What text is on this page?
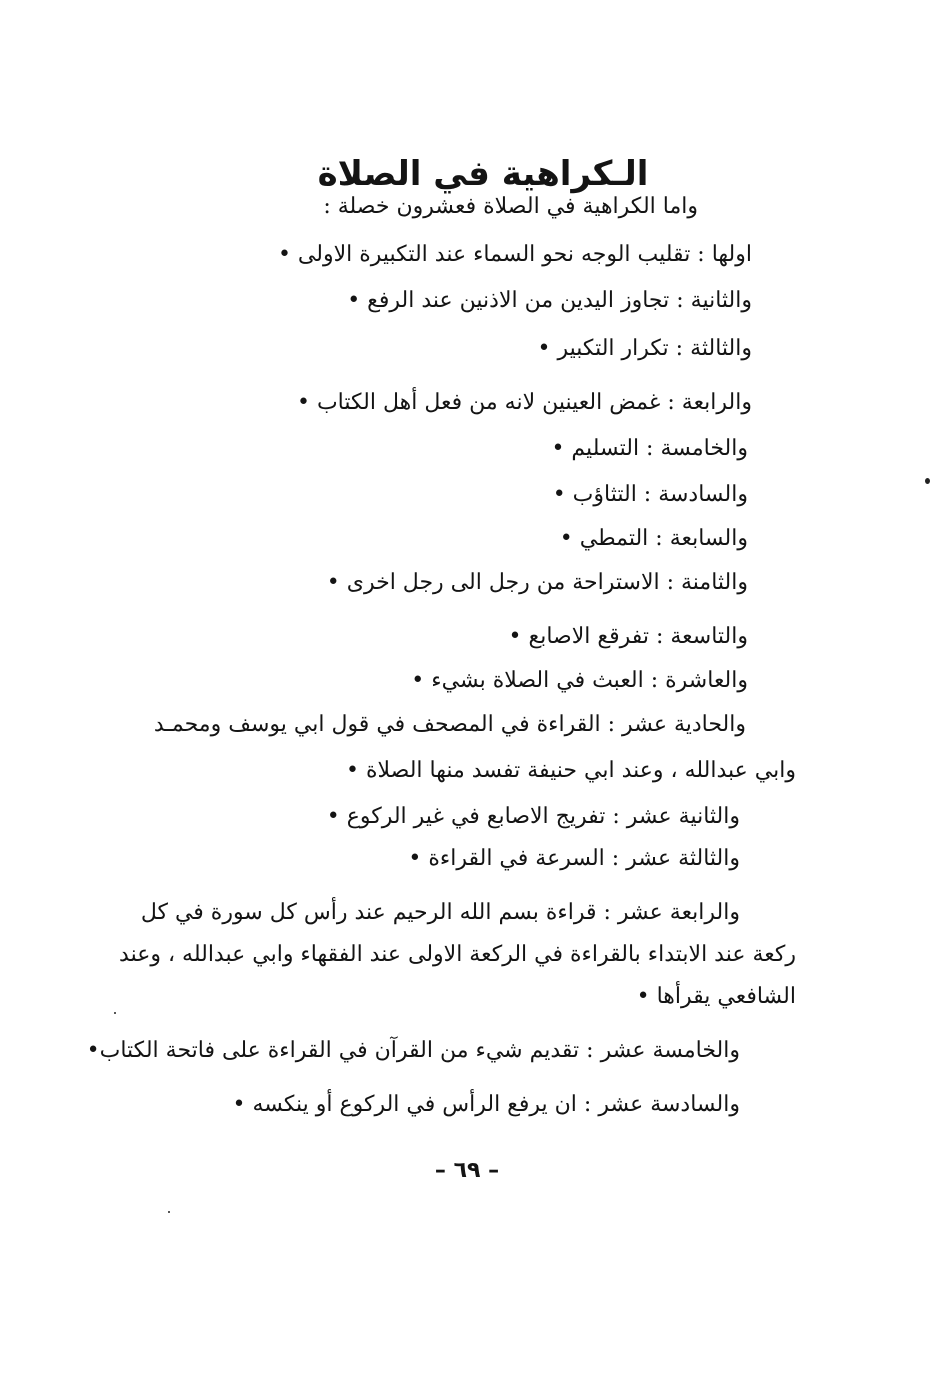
الـكراهية في الصلاة

واما الكراهية في الصلاة فعشرون خصلة :

اولها : تقليب الوجه نحو السماء عند التكبيرة الاولى •

والثانية : تجاوز اليدين من الاذنين عند الرفع •

والثالثة : تكرار التكبير •

والرابعة : غمض العينين لانه من فعل أهل الكتاب •

والخامسة : التسليم •

والسادسة : التثاؤب •

والسابعة : التمطي •

والثامنة : الاستراحة من رجل الى رجل اخرى •

والتاسعة : تفرقع الاصابع •

والعاشرة : العبث في الصلاة بشيء •

والحادية عشر : القراءة في المصحف في قول ابي يوسف ومحمـد

وابي عبدالله ، وعند ابي حنيفة تفسد منها الصلاة •

والثانية عشر : تفريج الاصابع في غير الركوع •

والثالثة عشر : السرعة في القراءة •

والرابعة عشر : قراءة بسم الله الرحيم عند رأس كل سورة في كل

ركعة عند الابتداء بالقراءة في الركعة الاولى عند الفقهاء وابي عبدالله ، وعند

الشافعي يقرأها •

والخامسة عشر : تقديم شيء من القرآن في القراءة على فاتحة الكتاب•

والسادسة عشر : ان يرفع الرأس في الركوع أو ينكسه •

– ٦٩ –
